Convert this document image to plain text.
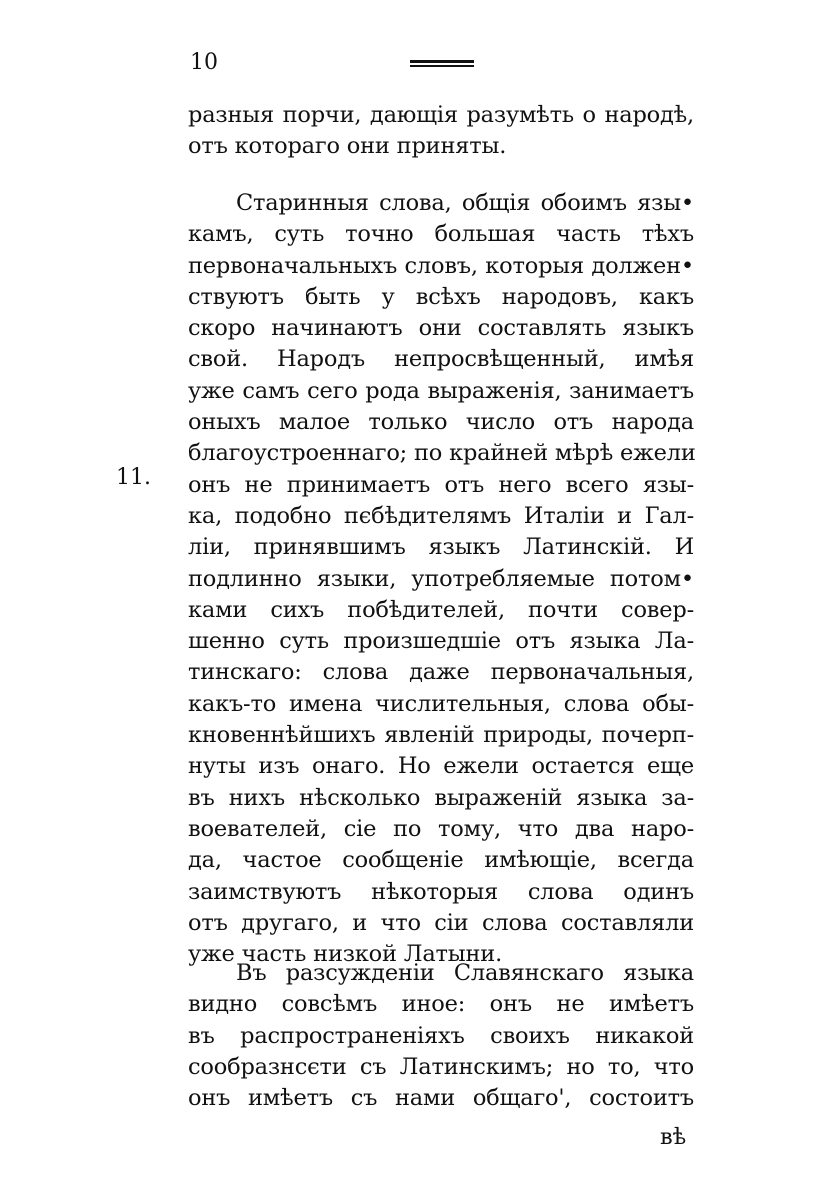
10
разныя порчи, дающія разумѣть о народѣ,
отъ котораго они приняты.
Старинныя слова, общія обоимъ язы•
камъ, суть точно большая часть тѣхъ
первоначальныхъ словъ, которыя должен•
ствуютъ быть у всѣхъ народовъ, какъ
скоро начинаютъ они составлять языкъ
свой. Народъ непросвѣщенный, имѣя
уже самъ сего рода выраженія, занимаетъ
оныхъ малое только число отъ народа
благоустроеннаго; по крайней мѣрѣ ежели
онъ не принимаетъ отъ него всего язы-
ка, подобно пєбѣдителямъ Италіи и Гал-
ліи, принявшимъ языкъ Латинскій. И
подлинно языки, употребляемые потом•
ками сихъ побѣдителей, почти совер-
шенно суть произшедшіе отъ языка Ла-
тинскаго: слова даже первоначальныя,
какъ-то имена числительныя, слова обы-
кновеннѣйшихъ явленій природы, почерп-
нуты изъ онаго. Но ежели остается еще
въ нихъ нѣсколько выраженій языка за-
воевателей, сіе по тому, что два наро-
да, частое сообщеніе имѣющіе, всегда
заимствуютъ нѣкоторыя слова одинъ
отъ другаго, и что сіи слова составляли
уже часть низкой Латыни.
11.
Въ разсужденіи Славянскаго языка
видно совсѣмъ иное: онъ не имѣетъ
въ распространеніяхъ своихъ никакой
сообразнсєти съ Латинскимъ; но то, что
онъ имѣетъ съ нами общаго', состоитъ
вѣ
